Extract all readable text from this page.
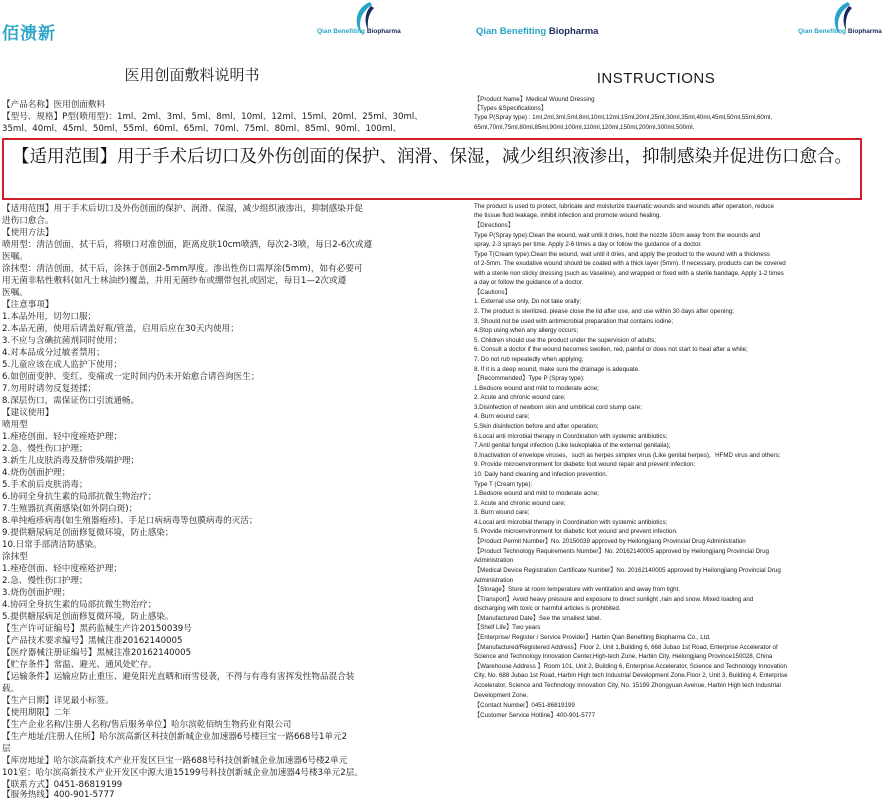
佰溃新	Qian Benefiting Biopharma
医用创面敷料说明书
Qian Benefiting Biopharma	Qian Benefiting Biopharma
INSTRUCTIONS
【产品名称】医用创面敷料
【型号、规格】P型(喷用型)：1ml、2ml、3ml、5ml、8ml、10ml、12ml、15ml、20ml、25ml、30ml、
35ml、40ml、45ml、50ml、55ml、60ml、65ml、70ml、75ml、80ml、85ml、90ml、100ml、
【适用范围】用于手术后切口及外伤创面的保护、润滑、保湿，减少组织液渗出，抑制感染并促
进伤口愈合。
【使用方法】
喷用型：清洁创面，拭干后，将喷口对准创面，距离皮肤10cm喷洒，每次2-3喷，每日2-6次或遵
医嘱。
涂抹型：清洁创面，拭干后，涂抹于创面2-5mm厚度。渗出性伤口需厚涂(5mm)，如有必要可
用无菌非粘性敷料(如凡士林油纱)覆盖，并用无菌纱布或绷带包扎或固定，每日1—2次或遵
医嘱。
【注意事项】
1.本品外用，切勿口服；
2.本品无菌，使用后请盖好瓶/管盖，启用后应在30天内使用；
3.不应与含碘抗菌剂同时使用；
4.对本品成分过敏者禁用；
5.儿童应该在成人监护下使用；
6.如创面变肿、变红、变痛或一定时间内仍未开始愈合请咨询医生；
7.勿用时请勿反复搓揉；
8.深层伤口，需保证伤口引流通畅。
【建议使用】
喷用型
1.痤疮创面、轻中度痤疮护理；
2.急、慢性伤口护理；
3.新生儿皮肤消毒及脐带残端护理；
4.烧伤创面护理；
5.手术前后皮肤消毒；
6.协同全身抗生素的局部抗微生物治疗；
7.生殖器抗真菌感染(如外阴白斑)；
8.单纯疱疹病毒(如生殖器疱疹)、手足口病病毒等包膜病毒的灭活；
9.提供糖尿病足创面修复微环境，防止感染；
10.日常手部清洁防感染。
涂抹型
1.痤疮创面、轻中度痤疮护理；
2.急、慢性伤口护理；
3.烧伤创面护理；
4.协同全身抗生素的局部抗微生物治疗；
5.提供糖尿病足创面修复微环境，防止感染。
【生产许可证编号】黑药监械生产许20150039号
【产品技术要求编号】黑械注准20162140005
【医疗器械注册证编号】黑械注准20162140005
【贮存条件】常温、避光、通风处贮存。
【运输条件】运输应防止重压、避免阳光直晒和雨雪侵袭，不得与有毒有害挥发性物品混合装
载。
【生产日期】详见最小标签。
【使用期限】二年
【生产企业名称/注册人名称/售后服务单位】哈尔滨乾佰纳生物药业有限公司
【生产地址/注册人住所】哈尔滨高新区科技创新城企业加速器6号楼巨宝一路668号1单元2
层
【库房地址】哈尔滨高新技术产业开发区巨宝一路688号科技创新城企业加速器6号楼2单元
101室；哈尔滨高新技术产业开发区中源大道15199号科技创新城企业加速器4号楼3单元2层。
【联系方式】0451-86819199
【服务热线】400-901-5777
【Product Name】Medical Wound Dressing
【Types &Specifications】
Type P(Spray type) : 1ml,2ml,3ml,5ml,8ml,10ml,12ml,15ml,20ml,25ml,30ml,35ml,40ml,45ml,50ml,55ml,60ml,
65ml,70ml,75ml,80ml,85ml,90ml,100ml,110ml,120ml,150ml,200ml,300ml,500ml.
The product is used to protect, lubricate and moisturize traumatic wounds and wounds after operation, reduce
the tissue fluid leakage, inhibit infection and promote wound healing.
【Directions】
Type P(Spray type):Clean the wound, wait until it dries, hold the nozzle 10cm away from the wounds and
spray. 2-3 sprays per time. Apply 2-6 times a day or follow the guidance of a doctor.
Type T(Cream type):Clean the wound, wait until it dries, and apply the product to the wound with a thickness
of 2-5mm. The exudative wound should be coated with a thick layer (5mm). If necessary, products can be covered
with a sterile non sticky dressing (such as Vaseline), and wrapped or fixed with a sterile bandage. Apply 1-2 times
a day or follow the guidance of a doctor.
【Cautions】
1. External use only, Do not take orally;
2. The product is sterilized, please close the lid after use, and use within 30 days after opening;
3. Should not be used with antimicrobial preparation that contains iodine;
4.Stop using when any allergy occurs;
5. Children should use the product under the supervision of adults;
6. Consult a doctor if the wound becomes swollen, red, painful or does not start to heal after a while;
7. Do not rub repeatedly when applying;
8. If it is a deep wound, make sure the drainage is adequate.
【Recommended】Type P (Spray type):
1.Bedsore wound and mild to moderate acne;
2. Acute and chronic wound care;
3.Disinfection of newborn skin and umbilical cord stump care;
4. Burn wound care;
5.Skin disinfection before and after operation;
6.Local anti microbial therapy in Coordination with systemic antibiotics;
7.Anti genital fungal infection (Like leukoplakia of the external genitalia);
8.Inactivation of envelope viruses，such as herpes simplex virus (Like genital herpes)，HFMD virus and others;
9. Provide microenvironment for diabetic foot wound repair and prevent infection;
10. Daily hand cleaning and infection prevention.
Type T (Cream type):
1.Bedsore wound and mild to moderate acne;
2. Acute and chronic wound care;
3. Burn wound care;
4.Local anti microbial therapy in Coordination with systemic antibiotics;
5. Provide microenvironment for diabetic foot wound and prevent infection.
【Product Permit Number】No. 20150039 approved by Heilongjiang Provincial Drug Administration
【Product Technology Requirements Number】No. 20162140005 approved by Heilongjiang Provincial Drug
Administration
【Medical Device Registration Certificate Number】No. 20162140005 approved by Heilongjiang Provincial Drug
Administration
【Storage】Store at room temperature with ventilation and away from light.
【Transport】Avoid heavy pressure and exposure to direct sunlight ,rain and snow. Mixed loading and
discharging with toxic or harmful articles is prohibited.
【Manufactured Date】See the smallest label.
【Shelf Life】Two years
【Enterprise/ Register / Service Provider】Harbin Qian Benefiting Biopharma Co., Ltd.
【Manufactured/Registered Address】Floor 2, Unit 1,Building 6, 668 Jubao 1st Road, Enterprise Accelerator of
Science and Technology Innovation Center,High-tech Zone, Harbin City, Heilongjiang Province150028, China
【Warehouse Address 】Room 101, Unit 2, Building 6, Enterprise Accelerator, Science and Technology Innovation
City, No. 688 Jubao 1st Road, Harbin High tech Industrial Development Zone.Floor 2, Unit 3, Building 4, Enterprise
Accelerator, Science and Technology Innovation City, No. 15199 Zhongyuan Avenue, Harbin High tech Industrial
Development Zone.
【Contact Number】0451-86819199
【Customer Service Hotline】400-901-5777
【适用范围】用于手术后切口及外伤创面的保护、润滑、保湿，减少组织液渗出，抑制感染并促进伤口愈合。
